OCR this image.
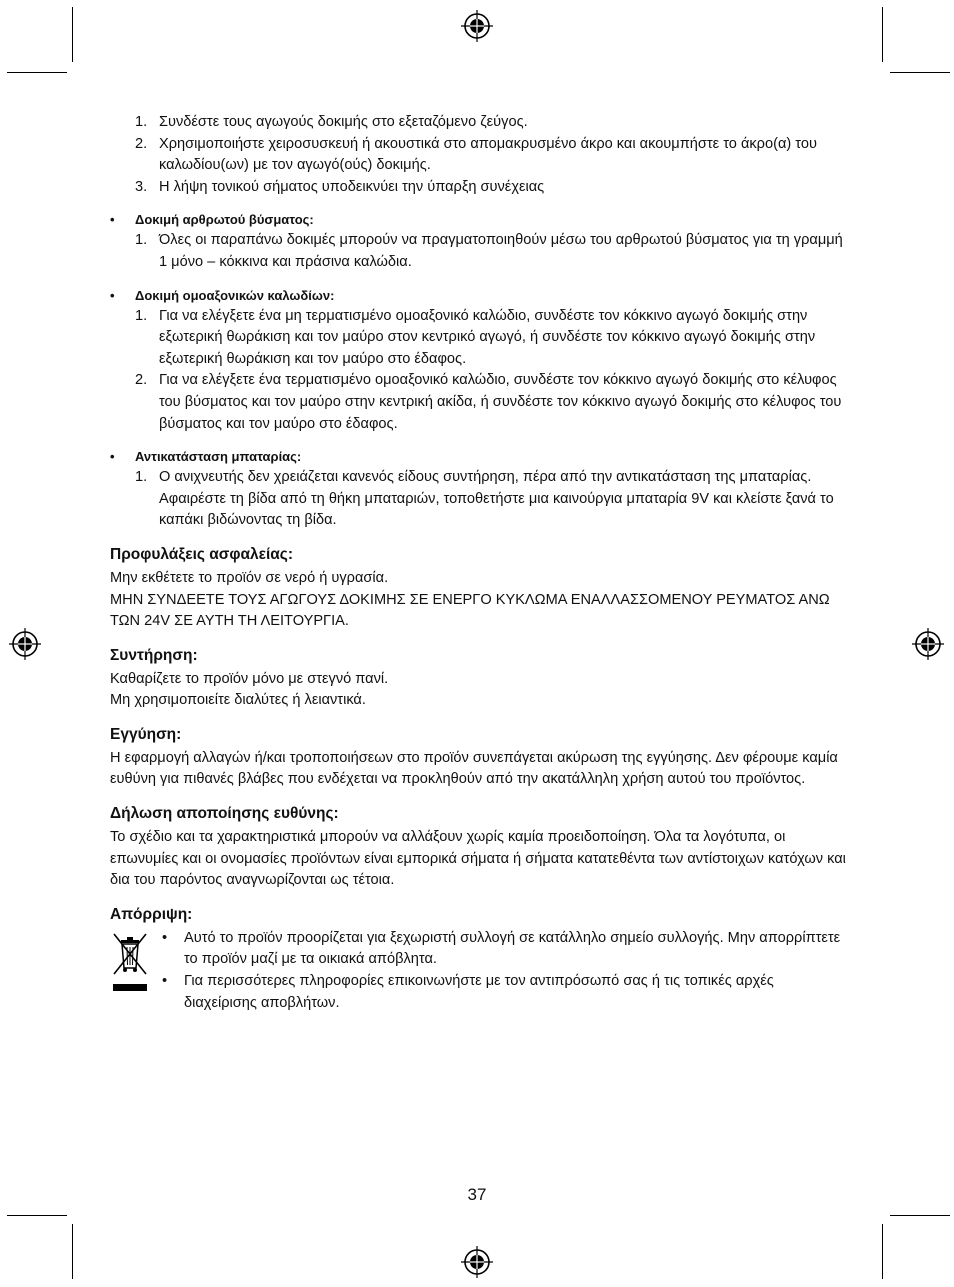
1. Συνδέστε τους αγωγούς δοκιμής στο εξεταζόμενο ζεύγος.
2. Χρησιμοποιήστε χειροσυσκευή ή ακουστικά στο απομακρυσμένο άκρο και ακουμπήστε το άκρο(α) του καλωδίου(ων) με τον αγωγό(ούς) δοκιμής.
3. Η λήψη τονικού σήματος υποδεικνύει την ύπαρξη συνέχειας
• Δοκιμή αρθρωτού βύσματος:
1. Όλες οι παραπάνω δοκιμές μπορούν να πραγματοποιηθούν μέσω του αρθρωτού βύσματος για τη γραμμή 1 μόνο – κόκκινα και πράσινα καλώδια.
• Δοκιμή ομοαξονικών καλωδίων:
1. Για να ελέγξετε ένα μη τερματισμένο ομοαξονικό καλώδιο, συνδέστε τον κόκκινο αγωγό δοκιμής στην εξωτερική θωράκιση και τον μαύρο στον κεντρικό αγωγό, ή συνδέστε τον κόκκινο αγωγό δοκιμής στην εξωτερική θωράκιση και τον μαύρο στο έδαφος.
2. Για να ελέγξετε ένα τερματισμένο ομοαξονικό καλώδιο, συνδέστε τον κόκκινο αγωγό δοκιμής στο κέλυφος του βύσματος και τον μαύρο στην κεντρική ακίδα, ή συνδέστε τον κόκκινο αγωγό δοκιμής στο κέλυφος του βύσματος και τον μαύρο στο έδαφος.
• Αντικατάσταση μπαταρίας:
1. Ο ανιχνευτής δεν χρειάζεται κανενός είδους συντήρηση, πέρα από την αντικατάσταση της μπαταρίας.
Αφαιρέστε τη βίδα από τη θήκη μπαταριών, τοποθετήστε μια καινούργια μπαταρία 9V και κλείστε ξανά το καπάκι βιδώνοντας τη βίδα.
Προφυλάξεις ασφαλείας:

Μην εκθέτετε το προϊόν σε νερό ή υγρασία.

ΜΗΝ ΣΥΝΔΕΕΤΕ ΤΟΥΣ ΑΓΩΓΟΥΣ ΔΟΚΙΜΗΣ ΣΕ ΕΝΕΡΓΟ ΚΥΚΛΩΜΑ ΕΝΑΛΛΑΣΣΟΜΕΝΟΥ ΡΕΥΜΑΤΟΣ ΑΝΩ ΤΩΝ 24V ΣΕ ΑΥΤΗ ΤΗ ΛΕΙΤΟΥΡΓΙΑ.

Συντήρηση:

Καθαρίζετε το προϊόν μόνο με στεγνό πανί.

Μη χρησιμοποιείτε διαλύτες ή λειαντικά.

Εγγύηση:

Η εφαρμογή αλλαγών ή/και τροποποιήσεων στο προϊόν συνεπάγεται ακύρωση της εγγύησης. Δεν φέρουμε καμία ευθύνη για πιθανές βλάβες που ενδέχεται να προκληθούν από την ακατάλληλη χρήση αυτού του προϊόντος.

Δήλωση αποποίησης ευθύνης:

Το σχέδιο και τα χαρακτηριστικά μπορούν να αλλάξουν χωρίς καμία προειδοποίηση. Όλα τα λογότυπα, οι επωνυμίες και οι ονομασίες προϊόντων είναι εμπορικά σήματα ή σήματα κατατεθέντα των αντίστοιχων κατόχων και δια του παρόντος αναγνωρίζονται ως τέτοια.

Απόρριψη:
• Αυτό το προϊόν προορίζεται για ξεχωριστή συλλογή σε κατάλληλο σημείο συλλογής. Μην απορρίπτετε το προϊόν μαζί με τα οικιακά απόβλητα.
• Για περισσότερες πληροφορίες επικοινωνήστε με τον αντιπρόσωπό σας ή τις τοπικές αρχές διαχείρισης αποβλήτων.
37
